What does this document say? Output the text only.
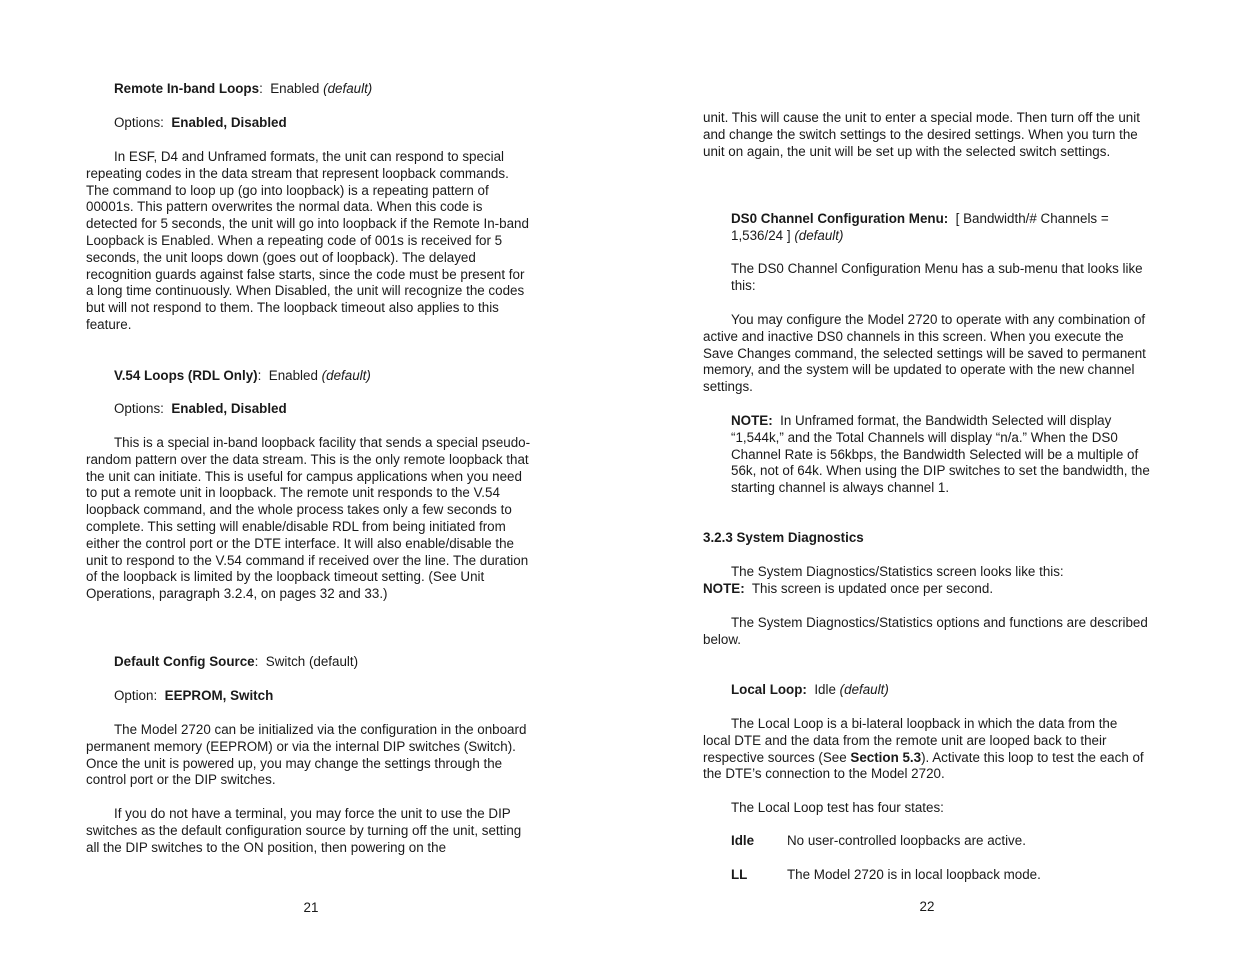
Remote In-band Loops:  Enabled (default)

Options: Enabled, Disabled

In ESF, D4 and Unframed formats, the unit can respond to special repeating codes in the data stream that represent loopback commands. The command to loop up (go into loopback) is a repeating pattern of 00001s. This pattern overwrites the normal data. When this code is detected for 5 seconds, the unit will go into loopback if the Remote In-band Loopback is Enabled. When a repeating code of 001s is received for 5 seconds, the unit loops down (goes out of loopback). The delayed recognition guards against false starts, since the code must be present for a long time continuously. When Disabled, the unit will recognize the codes but will not respond to them. The loopback timeout also applies to this feature.

V.54 Loops (RDL Only):  Enabled (default)

Options: Enabled, Disabled

This is a special in-band loopback facility that sends a special pseudo-random pattern over the data stream. This is the only remote loopback that the unit can initiate. This is useful for campus applications when you need to put a remote unit in loopback. The remote unit responds to the V.54 loopback command, and the whole process takes only a few seconds to complete. This setting will enable/disable RDL from being initiated from either the control port or the DTE interface. It will also enable/disable the unit to respond to the V.54 command if received over the line. The duration of the loopback is limited by the loopback timeout setting. (See Unit Operations, paragraph 3.2.4, on pages 32 and 33.)

Default Config Source:  Switch (default)

Option: EEPROM, Switch

The Model 2720 can be initialized via the configuration in the onboard permanent memory (EEPROM) or via the internal DIP switches (Switch). Once the unit is powered up, you may change the settings through the control port or the DIP switches.

If you do not have a terminal, you may force the unit to use the DIP switches as the default configuration source by turning off the unit, setting all the DIP switches to the ON position, then powering on the

21

unit. This will cause the unit to enter a special mode. Then turn off the unit and change the switch settings to the desired settings. When you turn the unit on again, the unit will be set up with the selected switch settings.

DS0 Channel Configuration Menu: [ Bandwidth/# Channels = 1,536/24 ] (default)

The DS0 Channel Configuration Menu has a sub-menu that looks like this:

You may configure the Model 2720 to operate with any combination of active and inactive DS0 channels in this screen. When you execute the Save Changes command, the selected settings will be saved to permanent memory, and the system will be updated to operate with the new channel settings.

NOTE: In Unframed format, the Bandwidth Selected will display “1,544k,” and the Total Channels will display “n/a.” When the DS0 Channel Rate is 56kbps, the Bandwidth Selected will be a multiple of 56k, not of 64k. When using the DIP switches to set the bandwidth, the starting channel is always channel 1.

3.2.3 System Diagnostics

The System Diagnostics/Statistics screen looks like this:

NOTE: This screen is updated once per second.

The System Diagnostics/Statistics options and functions are described below.

Local Loop: Idle (default)

The Local Loop is a bi-lateral loopback in which the data from the local DTE and the data from the remote unit are looped back to their respective sources (See Section 5.3). Activate this loop to test the each of the DTE’s connection to the Model 2720.

The Local Loop test has four states:

Idle No user-controlled loopbacks are active.
LL	The Model 2720 is in local loopback mode.
22
